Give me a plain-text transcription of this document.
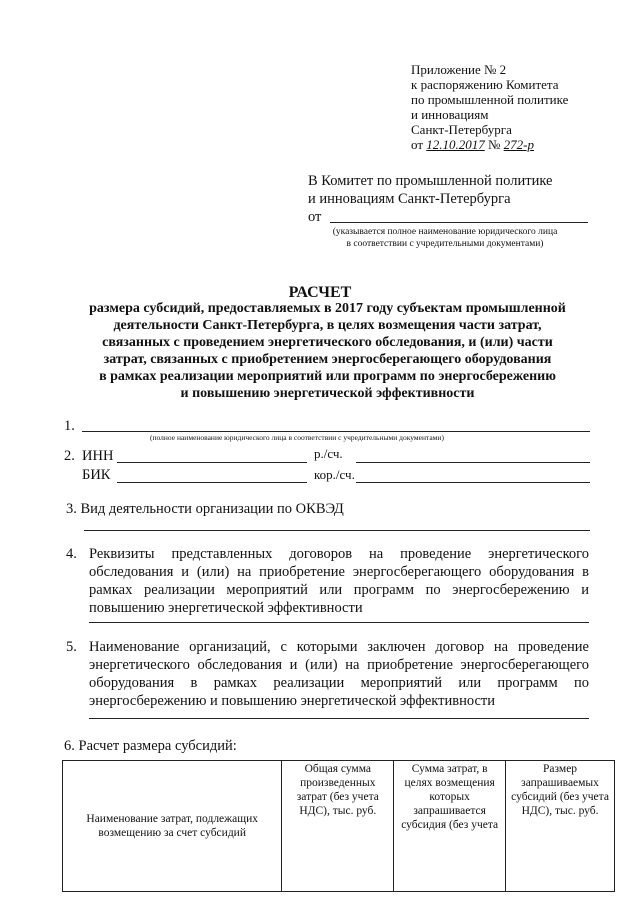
Приложение № 2
к распоряжению Комитета
по промышленной политике
и инновациям
Санкт-Петербурга
от 12.10.2017 № 272-р
В Комитет по промышленной политике
и инновациям Санкт-Петербурга
от
(указывается полное наименование юридического лица
в соответствии с учредительными документами)
РАСЧЕТ
размера субсидий, предоставляемых в 2017 году субъектам промышленной
деятельности Санкт-Петербурга, в целях возмещения части затрат,
связанных с проведением энергетического обследования, и (или) части
затрат, связанных с приобретением энергосберегающего оборудования
в рамках реализации мероприятий или программ по энергосбережению
и повышению энергетической эффективности
1.
(полное наименование юридического лица в соответствии с учредительными документами)
2. ИНН	р./сч.
БИК	кор./сч.
3. Вид деятельности организации по ОКВЭД
4. Реквизиты представленных договоров на проведение энергетического обследования и (или) на приобретение энергосберегающего оборудования в рамках реализации мероприятий или программ по энергосбережению и повышению энергетической эффективности
5. Наименование организаций, с которыми заключен договор на проведение энергетического обследования и (или) на приобретение энергосберегающего оборудования в рамках реализации мероприятий или программ по энергосбережению и повышению энергетической эффективности
6. Расчет размера субсидий:
Наименование затрат, подлежащих возмещению за счет субсидий	Общая сумма произведенных затрат (без учета НДС), тыс. руб.	Сумма затрат, в целях возмещения которых запрашивается субсидия (без учета	Размер запрашиваемых субсидий (без учета НДС), тыс. руб.
